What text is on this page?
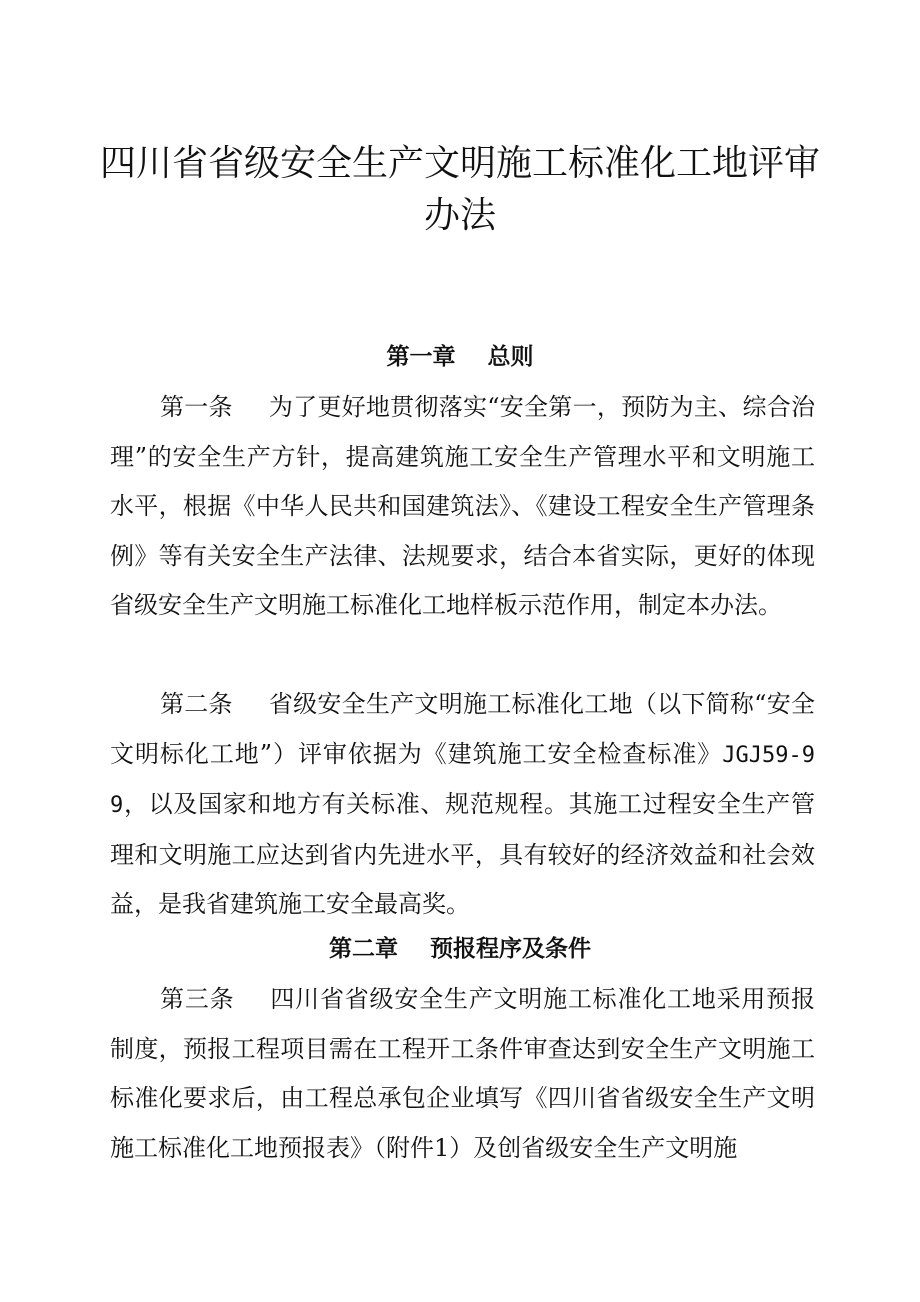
四川省省级安全生产文明施工标准化工地评审办法
第一章    总则

第一条 为了更好地贯彻落实“安全第一，预防为主、综合治理”的安全生产方针，提高建筑施工安全生产管理水平和文明施工水平，根据《中华人民共和国建筑法》、《建设工程安全生产管理条例》等有关安全生产法律、法规要求，结合本省实际，更好的体现省级安全生产文明施工标准化工地样板示范作用，制定本办法。

第二条 省级安全生产文明施工标准化工地（以下简称“安全文明标化工地”）评审依据为《建筑施工安全检查标准》JGJ59-99，以及国家和地方有关标准、规范规程。其施工过程安全生产管理和文明施工应达到省内先进水平，具有较好的经济效益和社会效益，是我省建筑施工安全最高奖。

第二章    预报程序及条件

第三条 四川省省级安全生产文明施工标准化工地采用预报制度，预报工程项目需在工程开工条件审查达到安全生产文明施工标准化要求后，由工程总承包企业填写《四川省省级安全生产文明施工标准化工地预报表》（附件1）及创省级安全生产文明施
